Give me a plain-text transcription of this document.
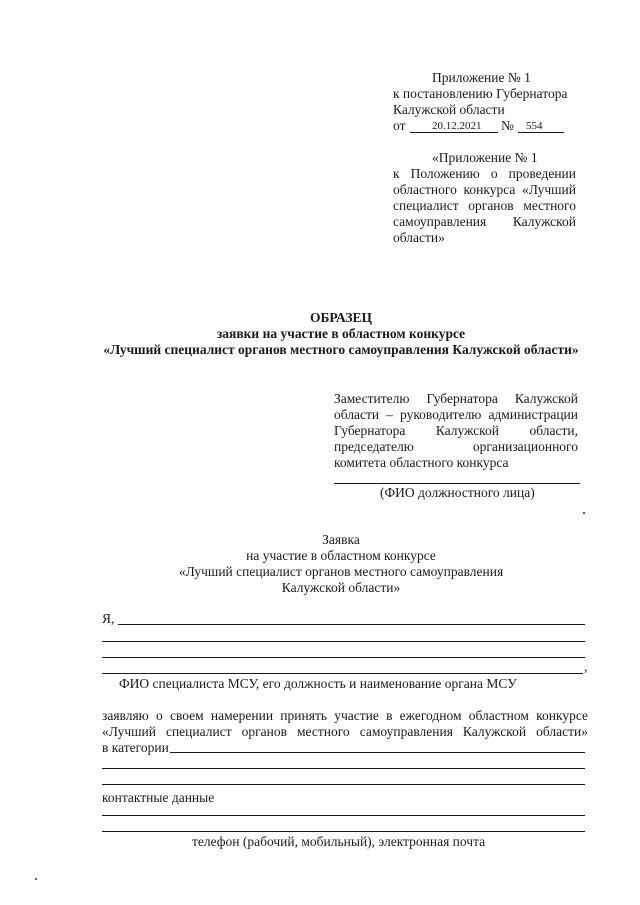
Приложение № 1
к постановлению Губернатора
Калужской области
от 20.12.2021 № 554
«Приложение № 1
к Положению о проведении
областного конкурса «Лучший
специалист органов местного
самоуправления Калужской
области»
ОБРАЗЕЦ
заявки на участие в областном конкурсе
«Лучший специалист органов местного самоуправления Калужской области»
Заместителю Губернатора Калужской
области – руководителю администрации
Губернатора Калужской области,
председателю организационного
комитета областного конкурса
(ФИО должностного лица)
Заявка
на участие в областном конкурсе
«Лучший специалист органов местного самоуправления
Калужской области»
Я,
,
ФИО специалиста МСУ, его должность и наименование органа МСУ
заявляю о своем намерении принять участие в ежегодном областном конкурсе
«Лучший специалист органов местного самоуправления Калужской области»
в категории
контактные данные
телефон (рабочий, мобильный), электронная почта
